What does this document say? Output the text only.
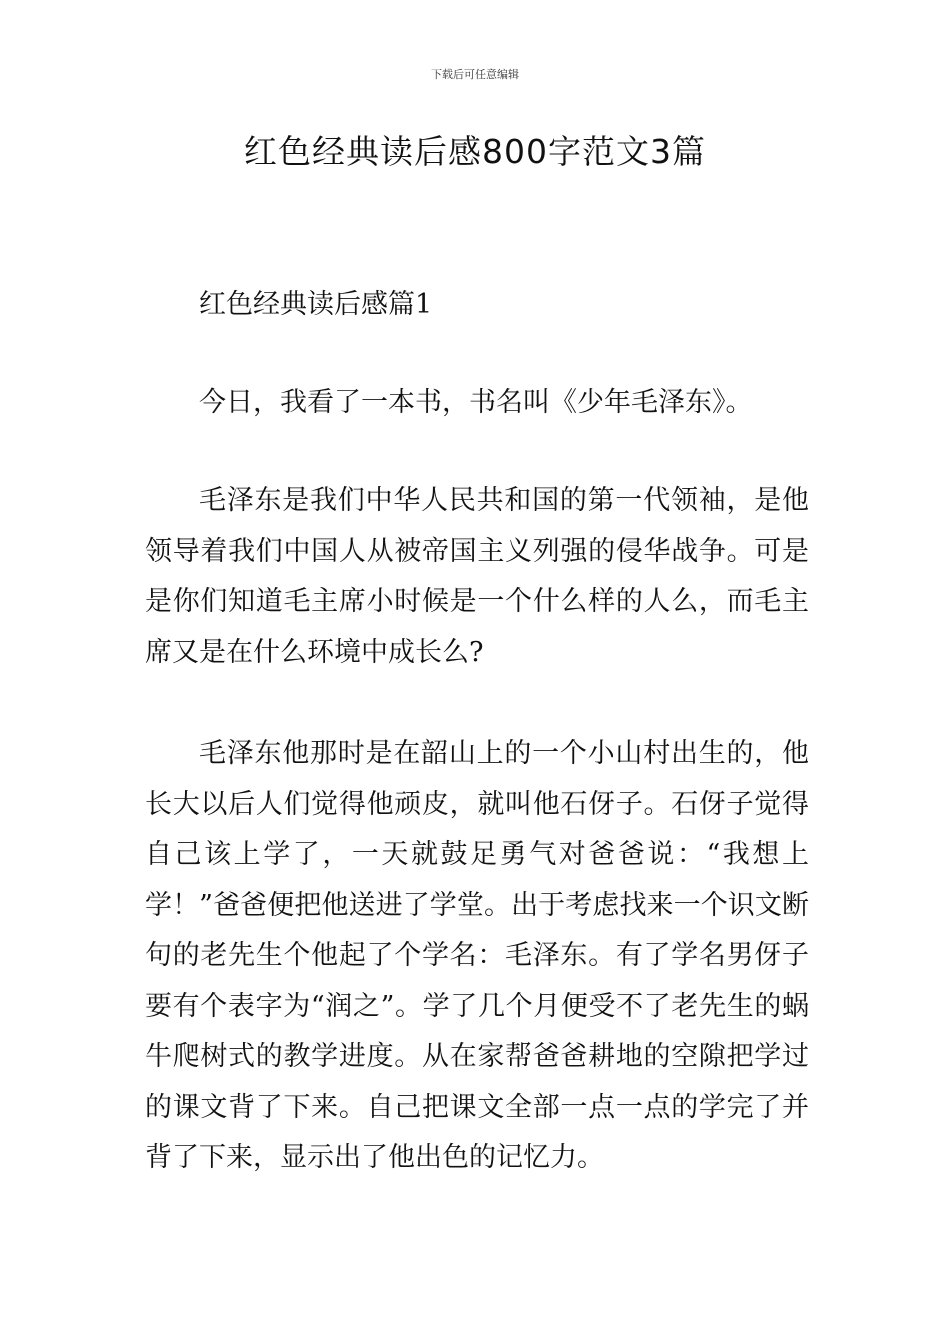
下载后可任意编辑
红色经典读后感800字范文3篇
红色经典读后感篇1
今日，我看了一本书，书名叫《少年毛泽东》。
毛泽东是我们中华人民共和国的第一代领袖，是他领导着我们中国人从被帝国主义列强的侵华战争。可是是你们知道毛主席小时候是一个什么样的人么，而毛主席又是在什么环境中成长么?
毛泽东他那时是在韶山上的一个小山村出生的，他长大以后人们觉得他顽皮，就叫他石伢子。石伢子觉得自己该上学了，一天就鼓足勇气对爸爸说：“我想上学！”爸爸便把他送进了学堂。出于考虑找来一个识文断句的老先生个他起了个学名：毛泽东。有了学名男伢子要有个表字为“润之”。学了几个月便受不了老先生的蜗牛爬树式的教学进度。从在家帮爸爸耕地的空隙把学过的课文背了下来。自己把课文全部一点一点的学完了并背了下来，显示出了他出色的记忆力。
